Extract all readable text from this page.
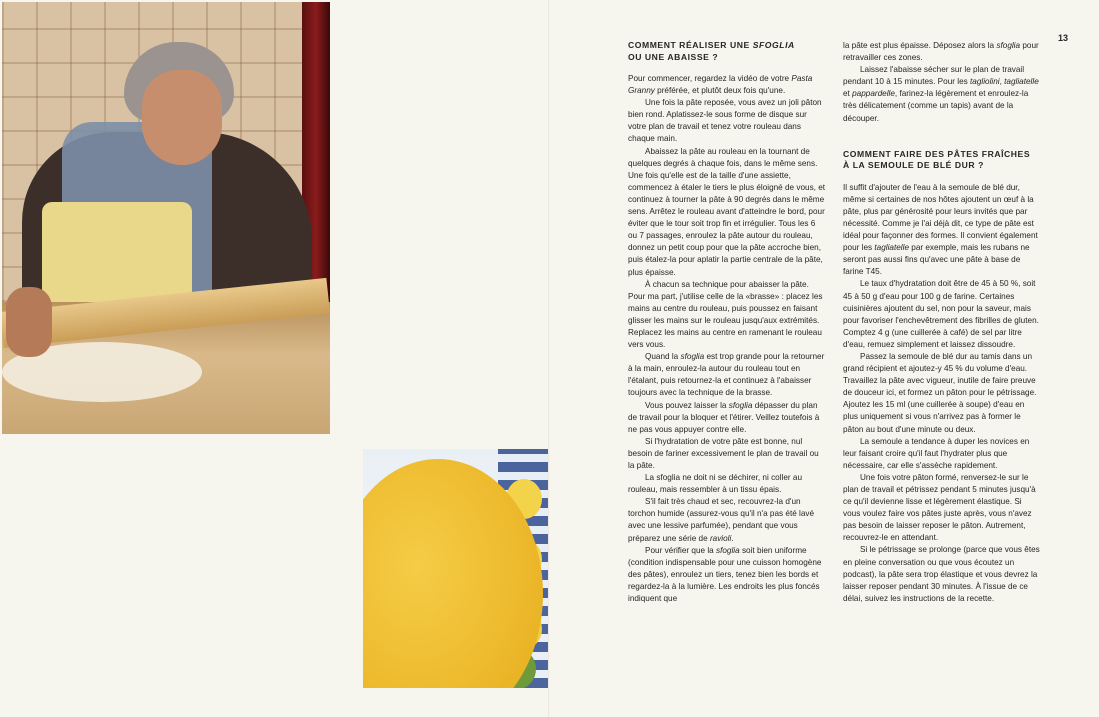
13
COMMENT RÉALISER UNE SFOGLIA
OU UNE ABAISSE ?

Pour commencer, regardez la vidéo de votre Pasta Granny préférée, et plutôt deux fois qu'une.

Une fois la pâte reposée, vous avez un joli pâton bien rond. Aplatissez-le sous forme de disque sur votre plan de travail et tenez votre rouleau dans chaque main.

Abaissez la pâte au rouleau en la tournant de quelques degrés à chaque fois, dans le même sens. Une fois qu'elle est de la taille d'une assiette, commencez à étaler le tiers le plus éloigné de vous, et continuez à tourner la pâte à 90 degrés dans le même sens. Arrêtez le rouleau avant d'atteindre le bord, pour éviter que le tour soit trop fin et irrégulier. Tous les 6 ou 7 passages, enroulez la pâte autour du rouleau, donnez un petit coup pour que la pâte accroche bien, puis étalez-la pour aplatir la partie centrale de la pâte, plus épaisse.

À chacun sa technique pour abaisser la pâte. Pour ma part, j'utilise celle de la «brasse» : placez les mains au centre du rouleau, puis poussez en faisant glisser les mains sur le rouleau jusqu'aux extrémités. Replacez les mains au centre en ramenant le rouleau vers vous.

Quand la sfoglia est trop grande pour la retourner à la main, enroulez-la autour du rouleau tout en l'étalant, puis retournez-la et continuez à l'abaisser toujours avec la technique de la brasse.

Vous pouvez laisser la sfoglia dépasser du plan de travail pour la bloquer et l'étirer. Veillez toutefois à ne pas vous appuyer contre elle.

Si l'hydratation de votre pâte est bonne, nul besoin de fariner excessivement le plan de travail ou la pâte.

La sfoglia ne doit ni se déchirer, ni coller au rouleau, mais ressembler à un tissu épais.

S'il fait très chaud et sec, recouvrez-la d'un torchon humide (assurez-vous qu'il n'a pas été lavé avec une lessive parfumée), pendant que vous préparez une série de ravioli.

Pour vérifier que la sfoglia soit bien uniforme (condition indispensable pour une cuisson homogène des pâtes), enroulez un tiers, tenez bien les bords et regardez-la à la lumière. Les endroits les plus foncés indiquent que

la pâte est plus épaisse. Déposez alors la sfoglia pour retravailler ces zones.

Laissez l'abaisse sécher sur le plan de travail pendant 10 à 15 minutes. Pour les tagliolini, tagliatelle et pappardelle, farinez-la légèrement et enroulez-la très délicatement (comme un tapis) avant de la découper.

COMMENT FAIRE DES PÂTES FRAÎCHES
À LA SEMOULE DE BLÉ DUR ?

Il suffit d'ajouter de l'eau à la semoule de blé dur, même si certaines de nos hôtes ajoutent un œuf à la pâte, plus par générosité pour leurs invités que par nécessité. Comme je l'ai déjà dit, ce type de pâte est idéal pour façonner des formes. Il convient également pour les tagliatelle par exemple, mais les rubans ne seront pas aussi fins qu'avec une pâte à base de farine T45.

Le taux d'hydratation doit être de 45 à 50 %, soit 45 à 50 g d'eau pour 100 g de farine. Certaines cuisinières ajoutent du sel, non pour la saveur, mais pour favoriser l'enchevêtrement des fibrilles de gluten. Comptez 4 g (une cuillerée à café) de sel par litre d'eau, remuez simplement et laissez dissoudre.

Passez la semoule de blé dur au tamis dans un grand récipient et ajoutez-y 45 % du volume d'eau. Travaillez la pâte avec vigueur, inutile de faire preuve de douceur ici, et formez un pâton pour le pétrissage. Ajoutez les 15 ml (une cuillerée à soupe) d'eau en plus uniquement si vous n'arrivez pas à former le pâton au bout d'une minute ou deux.

La semoule a tendance à duper les novices en leur faisant croire qu'il faut l'hydrater plus que nécessaire, car elle s'assèche rapidement.

Une fois votre pâton formé, renversez-le sur le plan de travail et pétrissez pendant 5 minutes jusqu'à ce qu'il devienne lisse et légèrement élastique. Si vous voulez faire vos pâtes juste après, vous n'avez pas besoin de laisser reposer le pâton. Autrement, recouvrez-le en attendant.

Si le pétrissage se prolonge (parce que vous êtes en pleine conversation ou que vous écoutez un podcast), la pâte sera trop élastique et vous devrez la laisser reposer pendant 30 minutes. À l'issue de ce délai, suivez les instructions de la recette.
